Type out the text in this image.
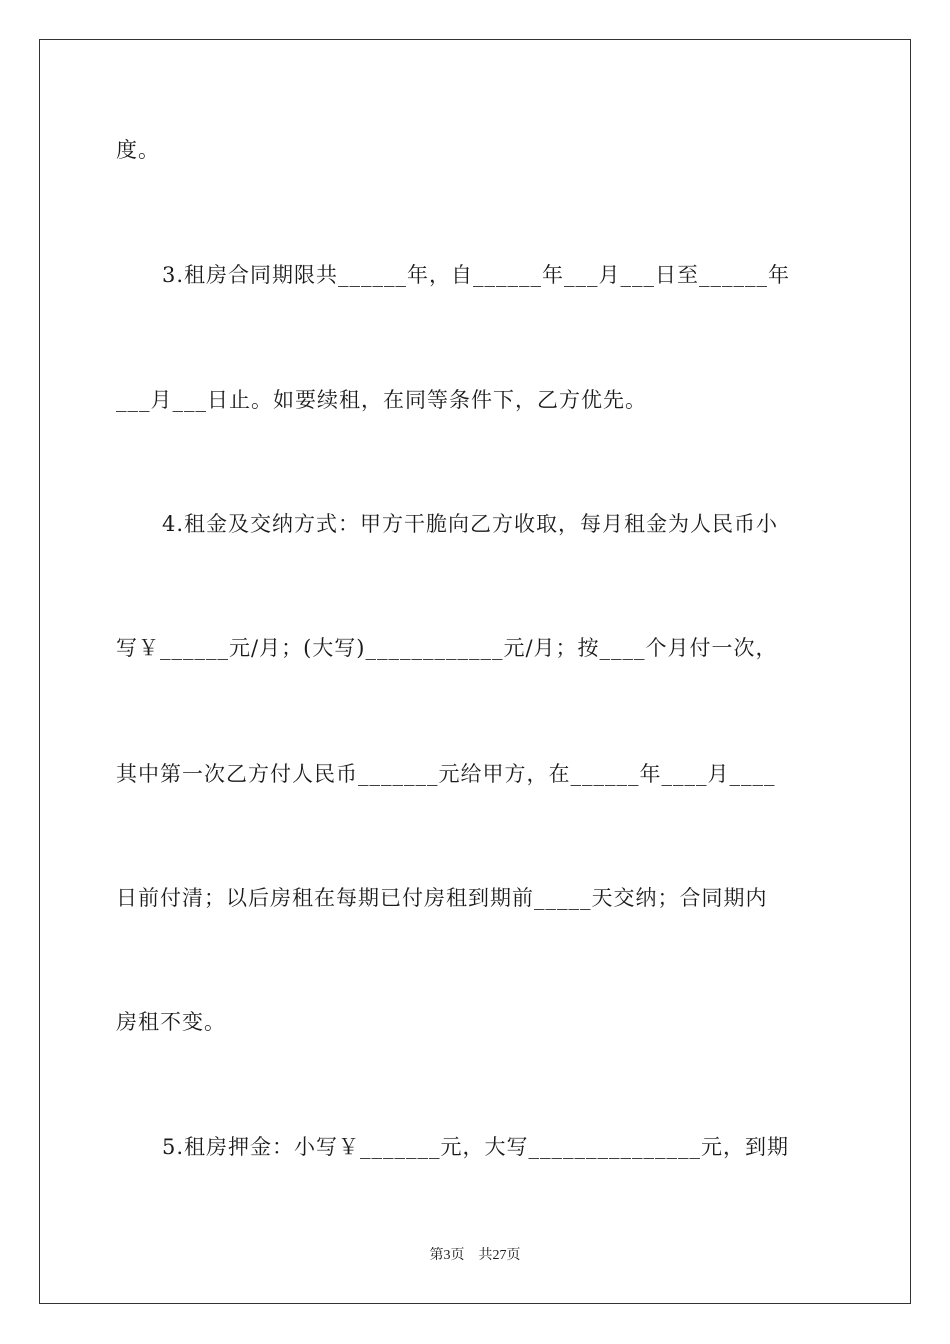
度。
3.租房合同期限共______年，自______年___月___日至______年
___月___日止。如要续租，在同等条件下，乙方优先。
4.租金及交纳方式：甲方干脆向乙方收取，每月租金为人民币小
写￥______元/月；(大写)____________元/月；按____个月付一次，
其中第一次乙方付人民币_______元给甲方，在______年____月____
日前付清；以后房租在每期已付房租到期前_____天交纳；合同期内
房租不变。
5.租房押金：小写￥_______元，大写_______________元，到期
第3页　共27页
